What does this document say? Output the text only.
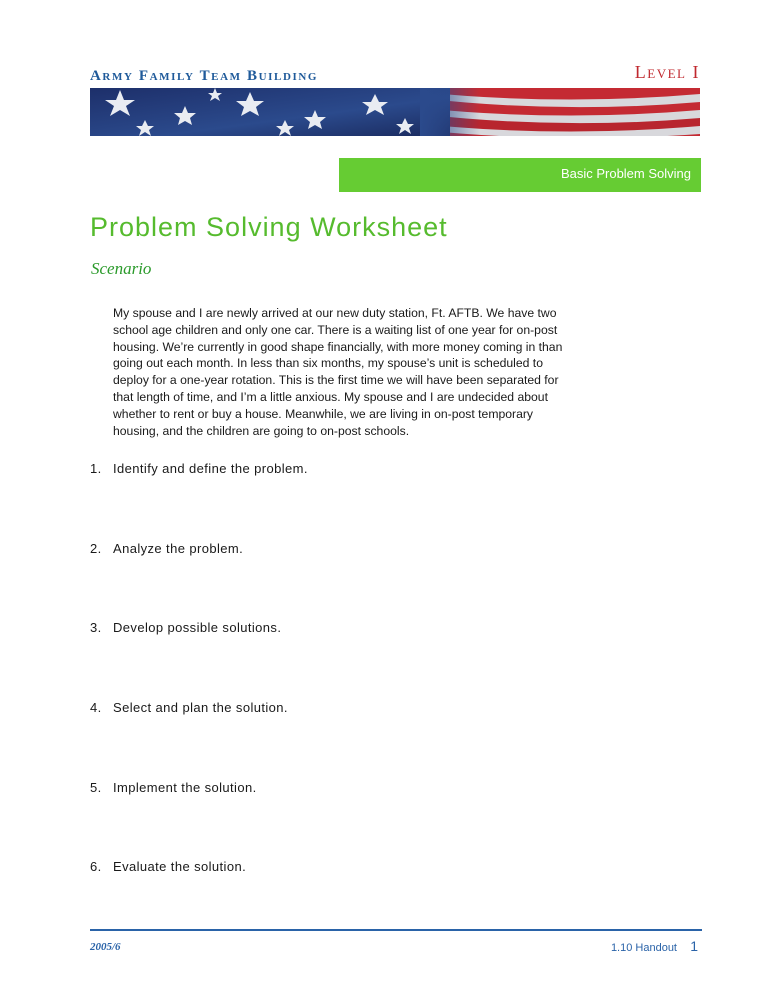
Army Family Team Building	Level I
Basic Problem Solving
Problem Solving Worksheet
Scenario
My spouse and I are newly arrived at our new duty station, Ft. AFTB. We have two
school age children and only one car. There is a waiting list of one year for on-post
housing. We’re currently in good shape financially, with more money coming in than
going out each month. In less than six months, my spouse’s unit is scheduled to
deploy for a one-year rotation. This is the first time we will have been separated for
that length of time, and I’m a little anxious. My spouse and I are undecided about
whether to rent or buy a house. Meanwhile, we are living in on-post temporary
housing, and the children are going to on-post schools.
1. Identify and define the problem.
2. Analyze the problem.
3. Develop possible solutions.
4. Select and plan the solution.
5. Implement the solution.
6. Evaluate the solution.
2005/6	1.10 Handout 1
